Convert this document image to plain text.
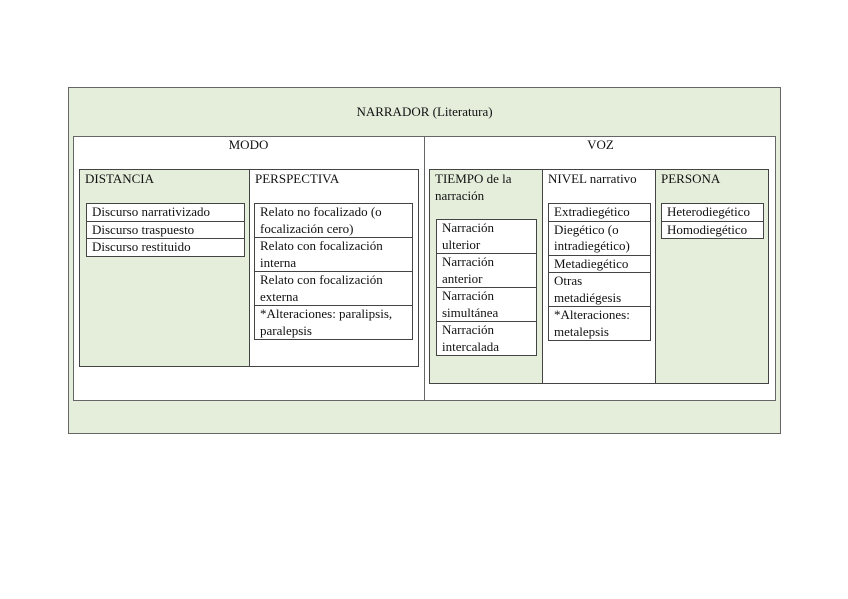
NARRADOR (Literatura)
MODO	VOZ
DISTANCIA
Discurso narrativizado
Discurso traspuesto
Discurso restituido
PERSPECTIVA
Relato no focalizado (o focalización cero)
Relato con focalización interna
Relato con focalización externa
*Alteraciones: paralipsis, paralepsis
TIEMPO de la narración
Narración ulterior
Narración anterior
Narración simultánea
Narración intercalada
NIVEL narrativo
Extradiegético
Diegético (o intradiegético)
Metadiegético
Otras metadiégesis
*Alteraciones: metalepsis
PERSONA
Heterodiegético
Homodiegético
